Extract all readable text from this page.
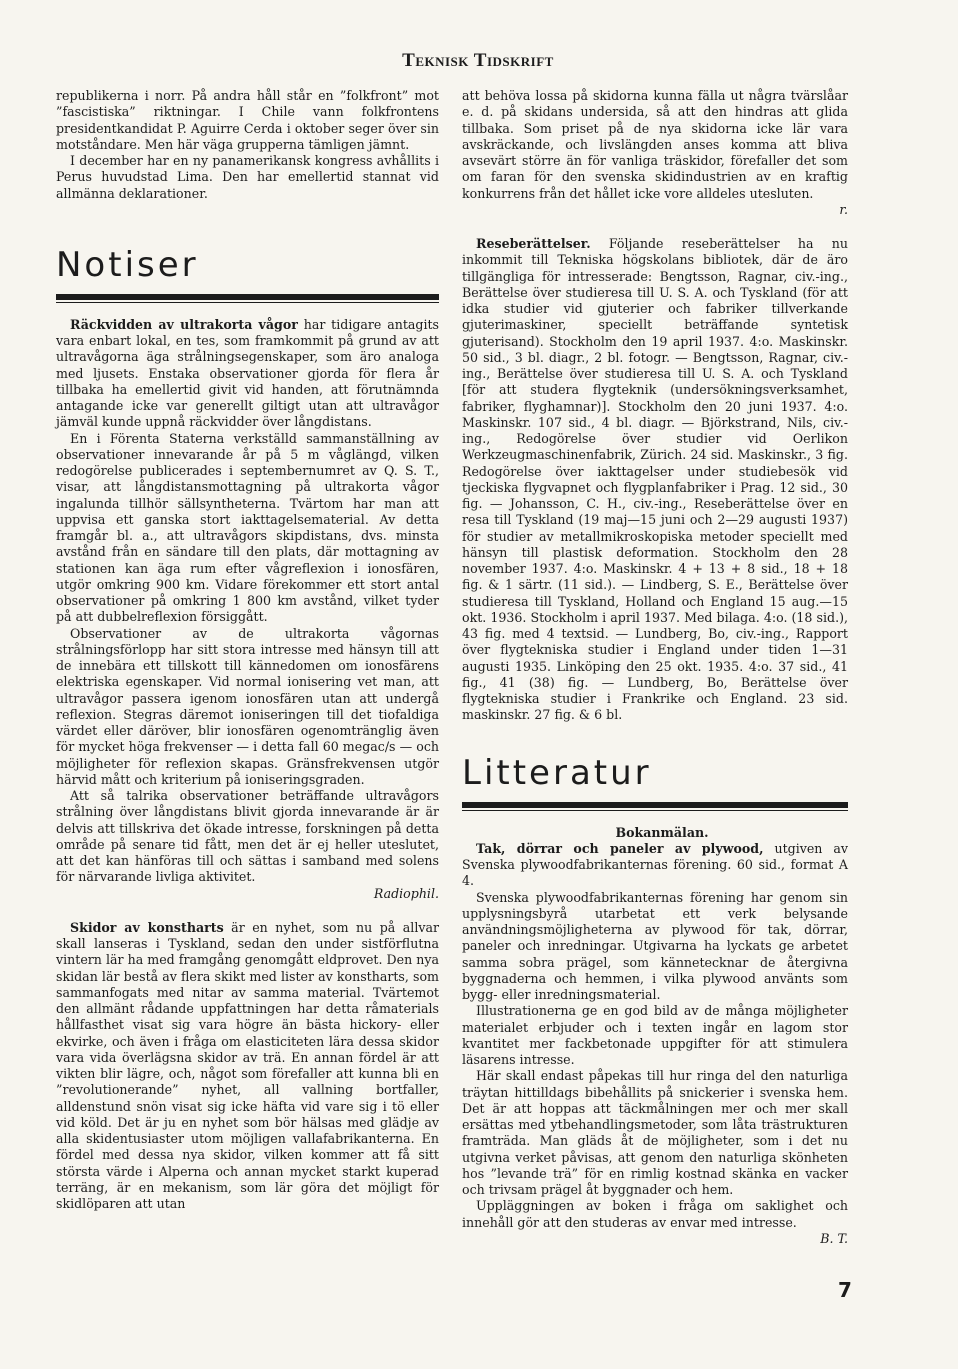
Teknisk Tidskrift

republikerna i norr. På andra håll står en ”folkfront” mot ”fascistiska” riktningar. I Chile vann folkfrontens presidentkandidat P. Aguirre Cerda i oktober seger över sin motståndare. Men här väga grupperna tämligen jämnt.

I december har en ny panamerikansk kongress avhållits i Perus huvudstad Lima. Den har emellertid stannat vid allmänna deklarationer.

Notiser

Räckvidden av ultrakorta vågor har tidigare antagits vara enbart lokal, en tes, som framkommit på grund av att ultravågorna äga strålningsegenskaper, som äro analoga med ljusets. Enstaka observationer gjorda för flera år tillbaka ha emellertid givit vid handen, att förutnämnda antagande icke var generellt giltigt utan att ultravågor jämväl kunde uppnå räckvidder över långdistans.

En i Förenta Staterna verkställd sammanställning av observationer innevarande år på 5 m våglängd, vilken redogörelse publicerades i septembernumret av Q. S. T., visar, att långdistansmottagning på ultrakorta vågor ingalunda tillhör sällsyntheterna. Tvärtom har man att uppvisa ett ganska stort iakttagelsematerial. Av detta framgår bl. a., att ultravågors skipdistans, dvs. minsta avstånd från en sändare till den plats, där mottagning av stationen kan äga rum efter vågreflexion i ionosfären, utgör omkring 900 km. Vidare förekommer ett stort antal observationer på omkring 1 800 km avstånd, vilket tyder på att dubbelreflexion försiggått.

Observationer av de ultrakorta vågornas strålningsförlopp har sitt stora intresse med hänsyn till att de innebära ett tillskott till kännedomen om ionosfärens elektriska egenskaper. Vid normal ionisering vet man, att ultravågor passera igenom ionosfären utan att undergå reflexion. Stegras däremot ioniseringen till det tiofaldiga värdet eller däröver, blir ionosfären ogenomtränglig även för mycket höga frekvenser — i detta fall 60 megac/s — och möjligheter för reflexion skapas. Gränsfrekvensen utgör härvid mått och kriterium på ioniseringsgraden.

Att så talrika observationer beträffande ultravågors strålning över långdistans blivit gjorda innevarande är är delvis att tillskriva det ökade intresse, forskningen på detta område på senare tid fått, men det är ej heller uteslutet, att det kan hänföras till och sättas i samband med solens för närvarande livliga aktivitet.

Radiophil.

Skidor av konstharts är en nyhet, som nu på allvar skall lanseras i Tyskland, sedan den under sistförflutna vintern lär ha med framgång genomgått eldprovet. Den nya skidan lär bestå av flera skikt med lister av konstharts, som sammanfogats med nitar av samma material. Tvärtemot den allmänt rådande uppfattningen har detta råmaterials hållfasthet visat sig vara högre än bästa hickory- eller ekvirke, och även i fråga om elasticiteten lära dessa skidor vara vida överlägsna skidor av trä. En annan fördel är att vikten blir lägre, och, något som förefaller att kunna bli en ”revolutionerande” nyhet, all vallning bortfaller, alldenstund snön visat sig icke häfta vid vare sig i tö eller vid köld. Det är ju en nyhet som bör hälsas med glädje av alla skidentusiaster utom möjligen vallafabrikanterna. En fördel med dessa nya skidor, vilken kommer att få sitt största värde i Alperna och annan mycket starkt kuperad terräng, är en mekanism, som lär göra det möjligt för skidlöparen att utan

att behöva lossa på skidorna kunna fälla ut några tvärslåar e. d. på skidans undersida, så att den hindras att glida tillbaka. Som priset på de nya skidorna icke lär vara avskräckande, och livslängden anses komma att bliva avsevärt större än för vanliga träskidor, förefaller det som om faran för den svenska skidindustrien av en kraftig konkurrens från det hållet icke vore alldeles utesluten.

r.

Reseberättelser. Följande reseberättelser ha nu inkommit till Tekniska högskolans bibliotek, där de äro tillgängliga för intresserade: Bengtsson, Ragnar, civ.-ing., Berättelse över studieresa till U. S. A. och Tyskland (för att idka studier vid gjuterier och fabriker tillverkande gjuterimaskiner, speciellt beträffande syntetisk gjuterisand). Stockholm den 19 april 1937. 4:o. Maskinskr. 50 sid., 3 bl. diagr., 2 bl. fotogr. — Bengtsson, Ragnar, civ.-ing., Berättelse över studieresa till U. S. A. och Tyskland [för att studera flygteknik (undersökningsverksamhet, fabriker, flyghamnar)]. Stockholm den 20 juni 1937. 4:o. Maskinskr. 107 sid., 4 bl. diagr. — Björkstrand, Nils, civ.-ing., Redogörelse över studier vid Oerlikon Werkzeugmaschinenfabrik, Zürich. 24 sid. Maskinskr., 3 fig. Redogörelse över iakttagelser under studiebesök vid tjeckiska flygvapnet och flygplanfabriker i Prag. 12 sid., 30 fig. — Johansson, C. H., civ.-ing., Reseberättelse över en resa till Tyskland (19 maj—15 juni och 2—29 augusti 1937) för studier av metallmikroskopiska metoder speciellt med hänsyn till plastisk deformation. Stockholm den 28 november 1937. 4:o. Maskinskr. 4 + 13 + 8 sid., 18 + 18 fig. & 1 särtr. (11 sid.). — Lindberg, S. E., Berättelse över studieresa till Tyskland, Holland och England 15 aug.—15 okt. 1936. Stockholm i april 1937. Med bilaga. 4:o. (18 sid.), 43 fig. med 4 textsid. — Lundberg, Bo, civ.-ing., Rapport över flygtekniska studier i England under tiden 1—31 augusti 1935. Linköping den 25 okt. 1935. 4:o. 37 sid., 41 fig., 41 (38) fig. — Lundberg, Bo, Berättelse över flygtekniska studier i Frankrike och England. 23 sid. maskinskr. 27 fig. & 6 bl.

Litteratur

Bokanmälan.

Tak, dörrar och paneler av plywood, utgiven av Svenska plywoodfabrikanternas förening. 60 sid., format A 4.

Svenska plywoodfabrikanternas förening har genom sin upplysningsbyrå utarbetat ett verk belysande användningsmöjligheterna av plywood för tak, dörrar, paneler och inredningar. Utgivarna ha lyckats ge arbetet samma sobra prägel, som kännetecknar de återgivna byggnaderna och hemmen, i vilka plywood använts som bygg- eller inredningsmaterial.

Illustrationerna ge en god bild av de många möjligheter materialet erbjuder och i texten ingår en lagom stor kvantitet mer fackbetonade uppgifter för att stimulera läsarens intresse.

Här skall endast påpekas till hur ringa del den naturliga träytan hittilldags bibehållits på snickerier i svenska hem. Det är att hoppas att täckmålningen mer och mer skall ersättas med ytbehandlingsmetoder, som låta trästrukturen framträda. Man gläds åt de möjligheter, som i det nu utgivna verket påvisas, att genom den naturliga skönheten hos ”levande trä” för en rimlig kostnad skänka en vacker och trivsam prägel åt byggnader och hem.

Uppläggningen av boken i fråga om saklighet och innehåll gör att den studeras av envar med intresse.

B. T.

7
